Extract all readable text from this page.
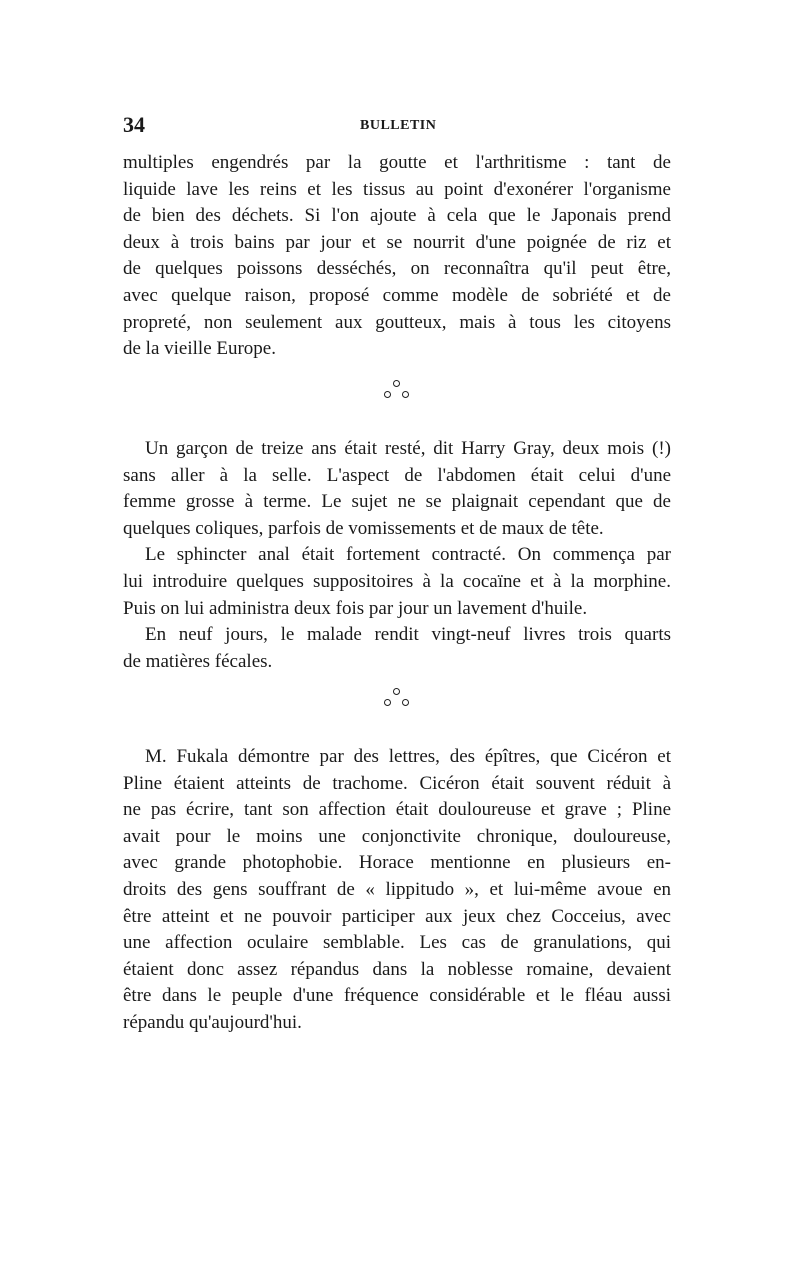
34	BULLETIN
multiples engendrés par la goutte et l'arthritisme : tant de
liquide lave les reins et les tissus au point d'exonérer l'organisme
de bien des déchets. Si l'on ajoute à cela que le Japonais prend
deux à trois bains par jour et se nourrit d'une poignée de riz et
de quelques poissons desséchés, on reconnaîtra qu'il peut être,
avec quelque raison, proposé comme modèle de sobriété et de
propreté, non seulement aux goutteux, mais à tous les citoyens
de la vieille Europe.
Un garçon de treize ans était resté, dit Harry Gray, deux mois (!)
sans aller à la selle. L'aspect de l'abdomen était celui d'une
femme grosse à terme. Le sujet ne se plaignait cependant que de
quelques coliques, parfois de vomissements et de maux de tête.
Le sphincter anal était fortement contracté. On commença par
lui introduire quelques suppositoires à la cocaïne et à la morphine.
Puis on lui administra deux fois par jour un lavement d'huile.
En neuf jours, le malade rendit vingt-neuf livres trois quarts
de matières fécales.
M. Fukala démontre par des lettres, des épîtres, que Cicéron et
Pline étaient atteints de trachome. Cicéron était souvent réduit à
ne pas écrire, tant son affection était douloureuse et grave ; Pline
avait pour le moins une conjonctivite chronique, douloureuse,
avec grande photophobie. Horace mentionne en plusieurs en-
droits des gens souffrant de « lippitudo », et lui-même avoue en
être atteint et ne pouvoir participer aux jeux chez Cocceius, avec
une affection oculaire semblable. Les cas de granulations, qui
étaient donc assez répandus dans la noblesse romaine, devaient
être dans le peuple d'une fréquence considérable et le fléau aussi
répandu qu'aujourd'hui.
